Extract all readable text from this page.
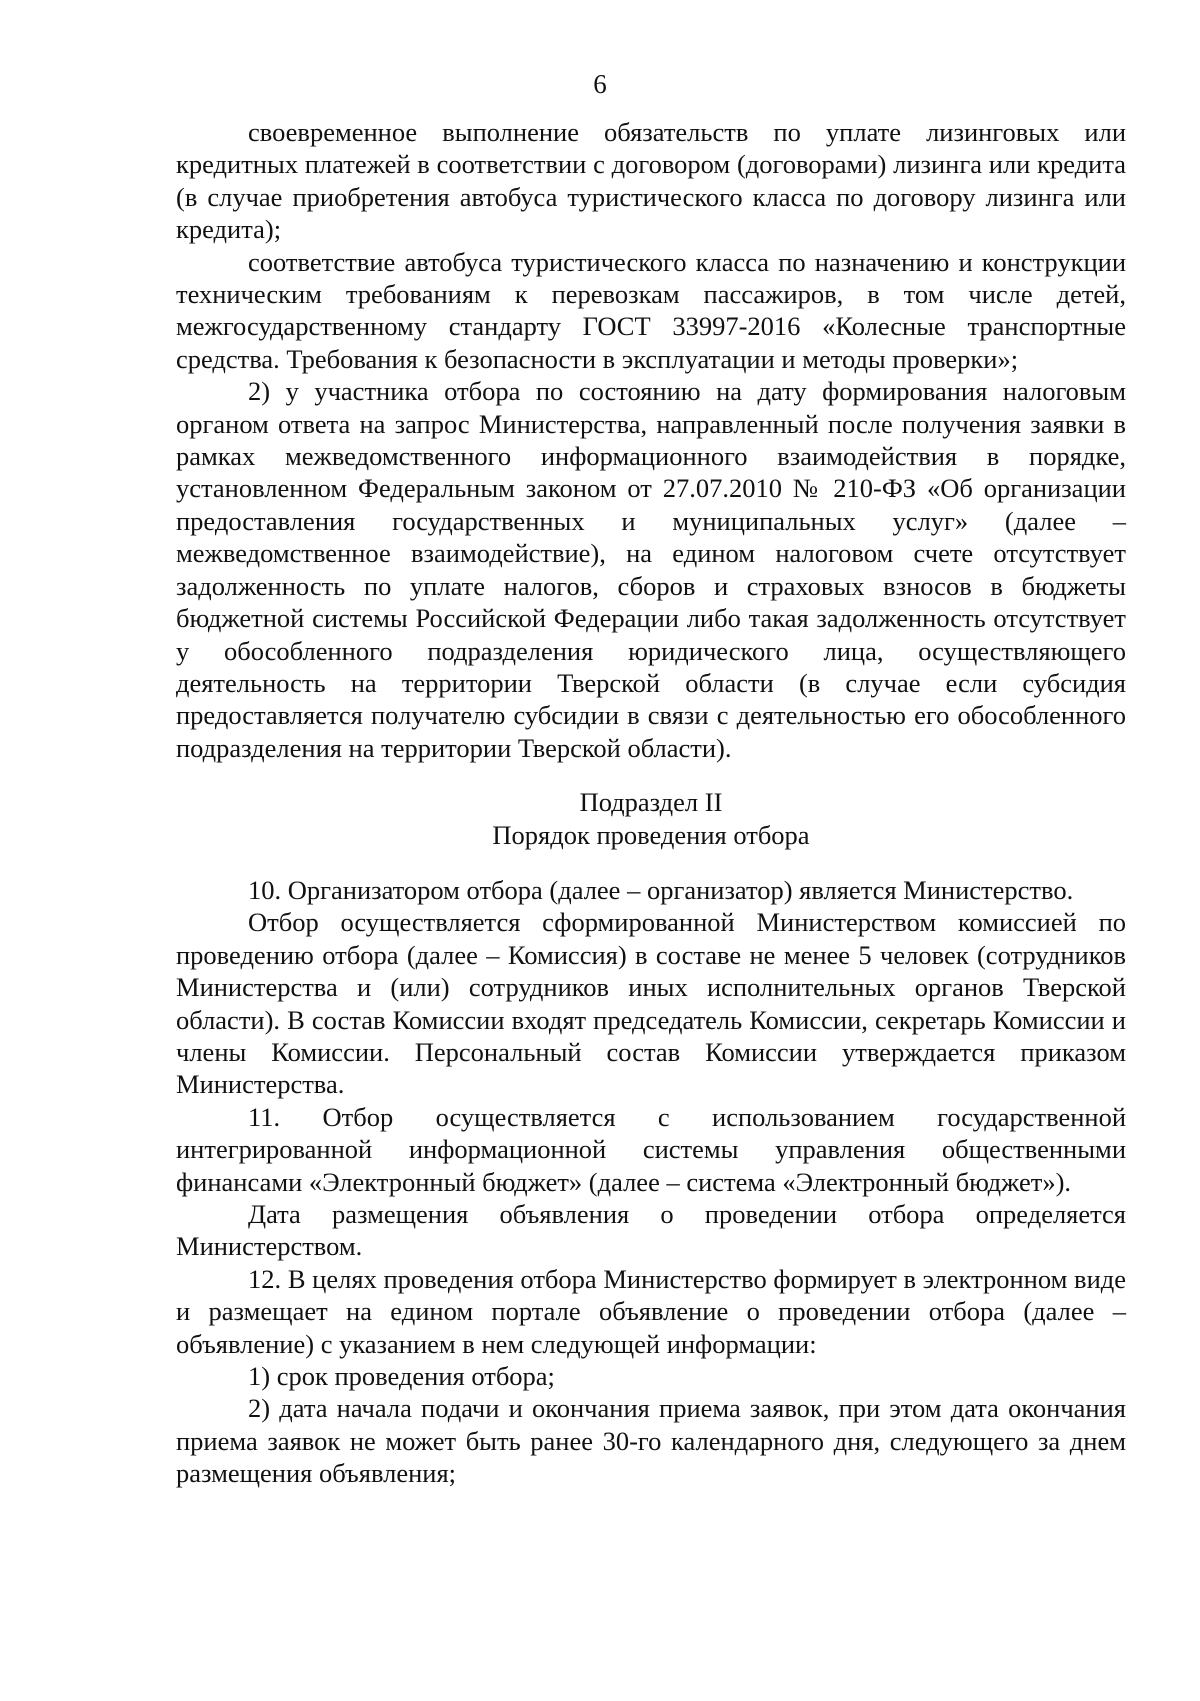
6

своевременное выполнение обязательств по уплате лизинговых или кредитных платежей в соответствии с договором (договорами) лизинга или кредита (в случае приобретения автобуса туристического класса по договору лизинга или кредита);

соответствие автобуса туристического класса по назначению и конструкции техническим требованиям к перевозкам пассажиров, в том числе детей, межгосударственному стандарту ГОСТ 33997-2016 «Колесные транспортные средства. Требования к безопасности в эксплуатации и методы проверки»;

2) у участника отбора по состоянию на дату формирования налоговым органом ответа на запрос Министерства, направленный после получения заявки в рамках межведомственного информационного взаимодействия в порядке, установленном Федеральным законом от 27.07.2010 № 210-ФЗ «Об организации предоставления государственных и муниципальных услуг» (далее – межведомственное взаимодействие), на едином налоговом счете отсутствует задолженность по уплате налогов, сборов и страховых взносов в бюджеты бюджетной системы Российской Федерации либо такая задолженность отсутствует у обособленного подразделения юридического лица, осуществляющего деятельность на территории Тверской области (в случае если субсидия предоставляется получателю субсидии в связи с деятельностью его обособленного подразделения на территории Тверской области).

Подраздел II

Порядок проведения отбора

10. Организатором отбора (далее – организатор) является Министерство.

Отбор осуществляется сформированной Министерством комиссией по проведению отбора (далее – Комиссия) в составе не менее 5 человек (сотрудников Министерства и (или) сотрудников иных исполнительных органов Тверской области). В состав Комиссии входят председатель Комиссии, секретарь Комиссии и члены Комиссии. Персональный состав Комиссии утверждается приказом Министерства.

11. Отбор осуществляется с использованием государственной интегрированной информационной системы управления общественными финансами «Электронный бюджет» (далее – система «Электронный бюджет»).

Дата размещения объявления о проведении отбора определяется Министерством.

12. В целях проведения отбора Министерство формирует в электронном виде и размещает на едином портале объявление о проведении отбора (далее – объявление) с указанием в нем следующей информации:

1) срок проведения отбора;

2) дата начала подачи и окончания приема заявок, при этом дата окончания приема заявок не может быть ранее 30-го календарного дня, следующего за днем размещения объявления;
